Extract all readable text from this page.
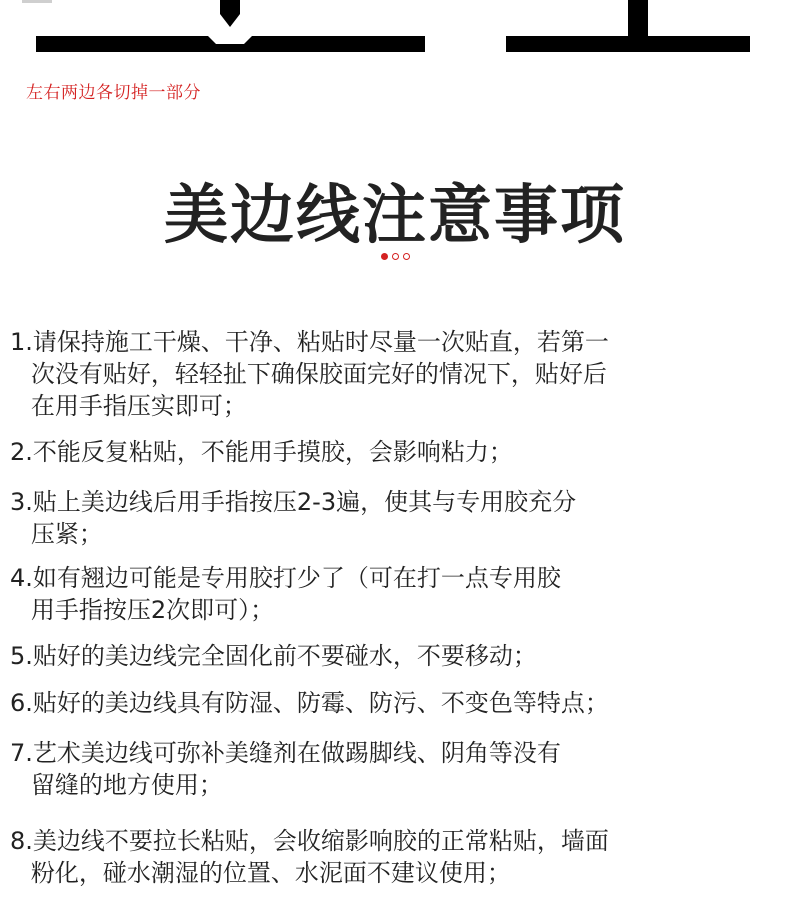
左右两边各切掉一部分
美边线注意事项
1. 请保持施工干燥、干净、粘贴时尽量一次贴直，若第一
次没有贴好，轻轻扯下确保胶面完好的情况下，贴好后
在用手指压实即可；
2. 不能反复粘贴，不能用手摸胶，会影响粘力；
3. 贴上美边线后用手指按压2-3遍，使其与专用胶充分
压紧；
4. 如有翘边可能是专用胶打少了（可在打一点专用胶
用手指按压2次即可）；
5. 贴好的美边线完全固化前不要碰水，不要移动；
6. 贴好的美边线具有防湿、防霉、防污、不变色等特点；
7. 艺术美边线可弥补美缝剂在做踢脚线、阴角等没有
留缝的地方使用；
8. 美边线不要拉长粘贴，会收缩影响胶的正常粘贴，墙面
粉化，碰水潮湿的位置、水泥面不建议使用；
